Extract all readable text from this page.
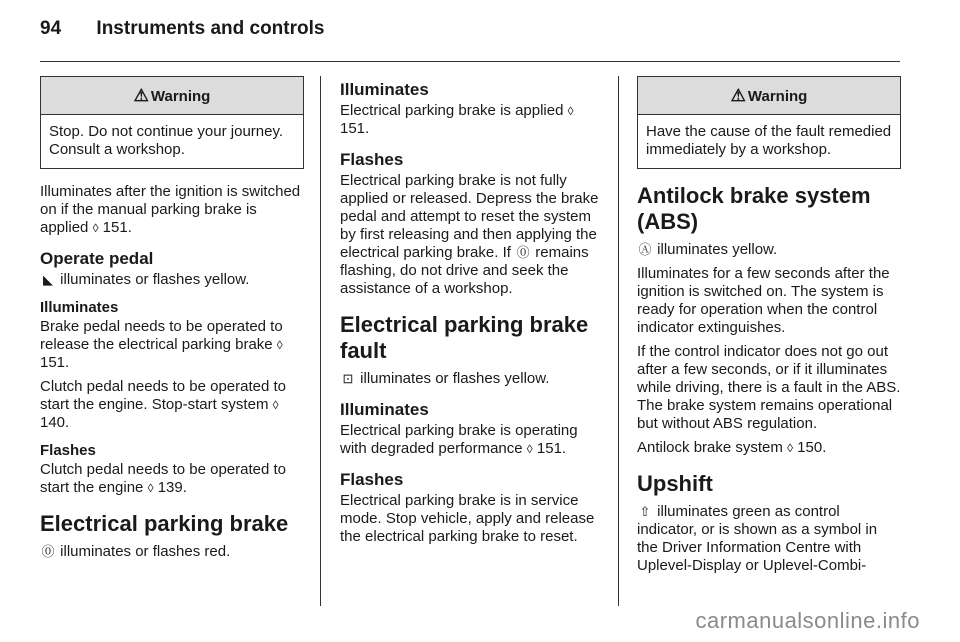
94 Instruments and controls
⚠ Warning
Stop. Do not continue your journey. Consult a workshop.

Illuminates after the ignition is switched on if the manual parking brake is applied ◊ 151.

Operate pedal

◣ illuminates or flashes yellow.

Illuminates

Brake pedal needs to be operated to release the electrical parking brake ◊ 151.

Clutch pedal needs to be operated to start the engine. Stop-start system ◊ 140.

Flashes

Clutch pedal needs to be operated to start the engine ◊ 139.

Electrical parking brake

⓪ illuminates or flashes red.

Illuminates

Electrical parking brake is applied ◊ 151.

Flashes

Electrical parking brake is not fully applied or released. Depress the brake pedal and attempt to reset the system by first releasing and then applying the electrical parking brake. If ⓪ remains flashing, do not drive and seek the assistance of a workshop.

Electrical parking brake fault

⊡ illuminates or flashes yellow.

Illuminates

Electrical parking brake is operating with degraded performance ◊ 151.

Flashes

Electrical parking brake is in service mode. Stop vehicle, apply and release the electrical parking brake to reset.

⚠ Warning
Have the cause of the fault remedied immediately by a workshop.
Antilock brake system (ABS)

Ⓐ illuminates yellow.

Illuminates for a few seconds after the ignition is switched on. The system is ready for operation when the control indicator extinguishes.

If the control indicator does not go out after a few seconds, or if it illuminates while driving, there is a fault in the ABS. The brake system remains operational but without ABS regulation.

Antilock brake system ◊ 150.

Upshift

⇧ illuminates green as control indicator, or is shown as a symbol in the Driver Information Centre with Uplevel-Display or Uplevel-Combi-

carmanualsonline.info
